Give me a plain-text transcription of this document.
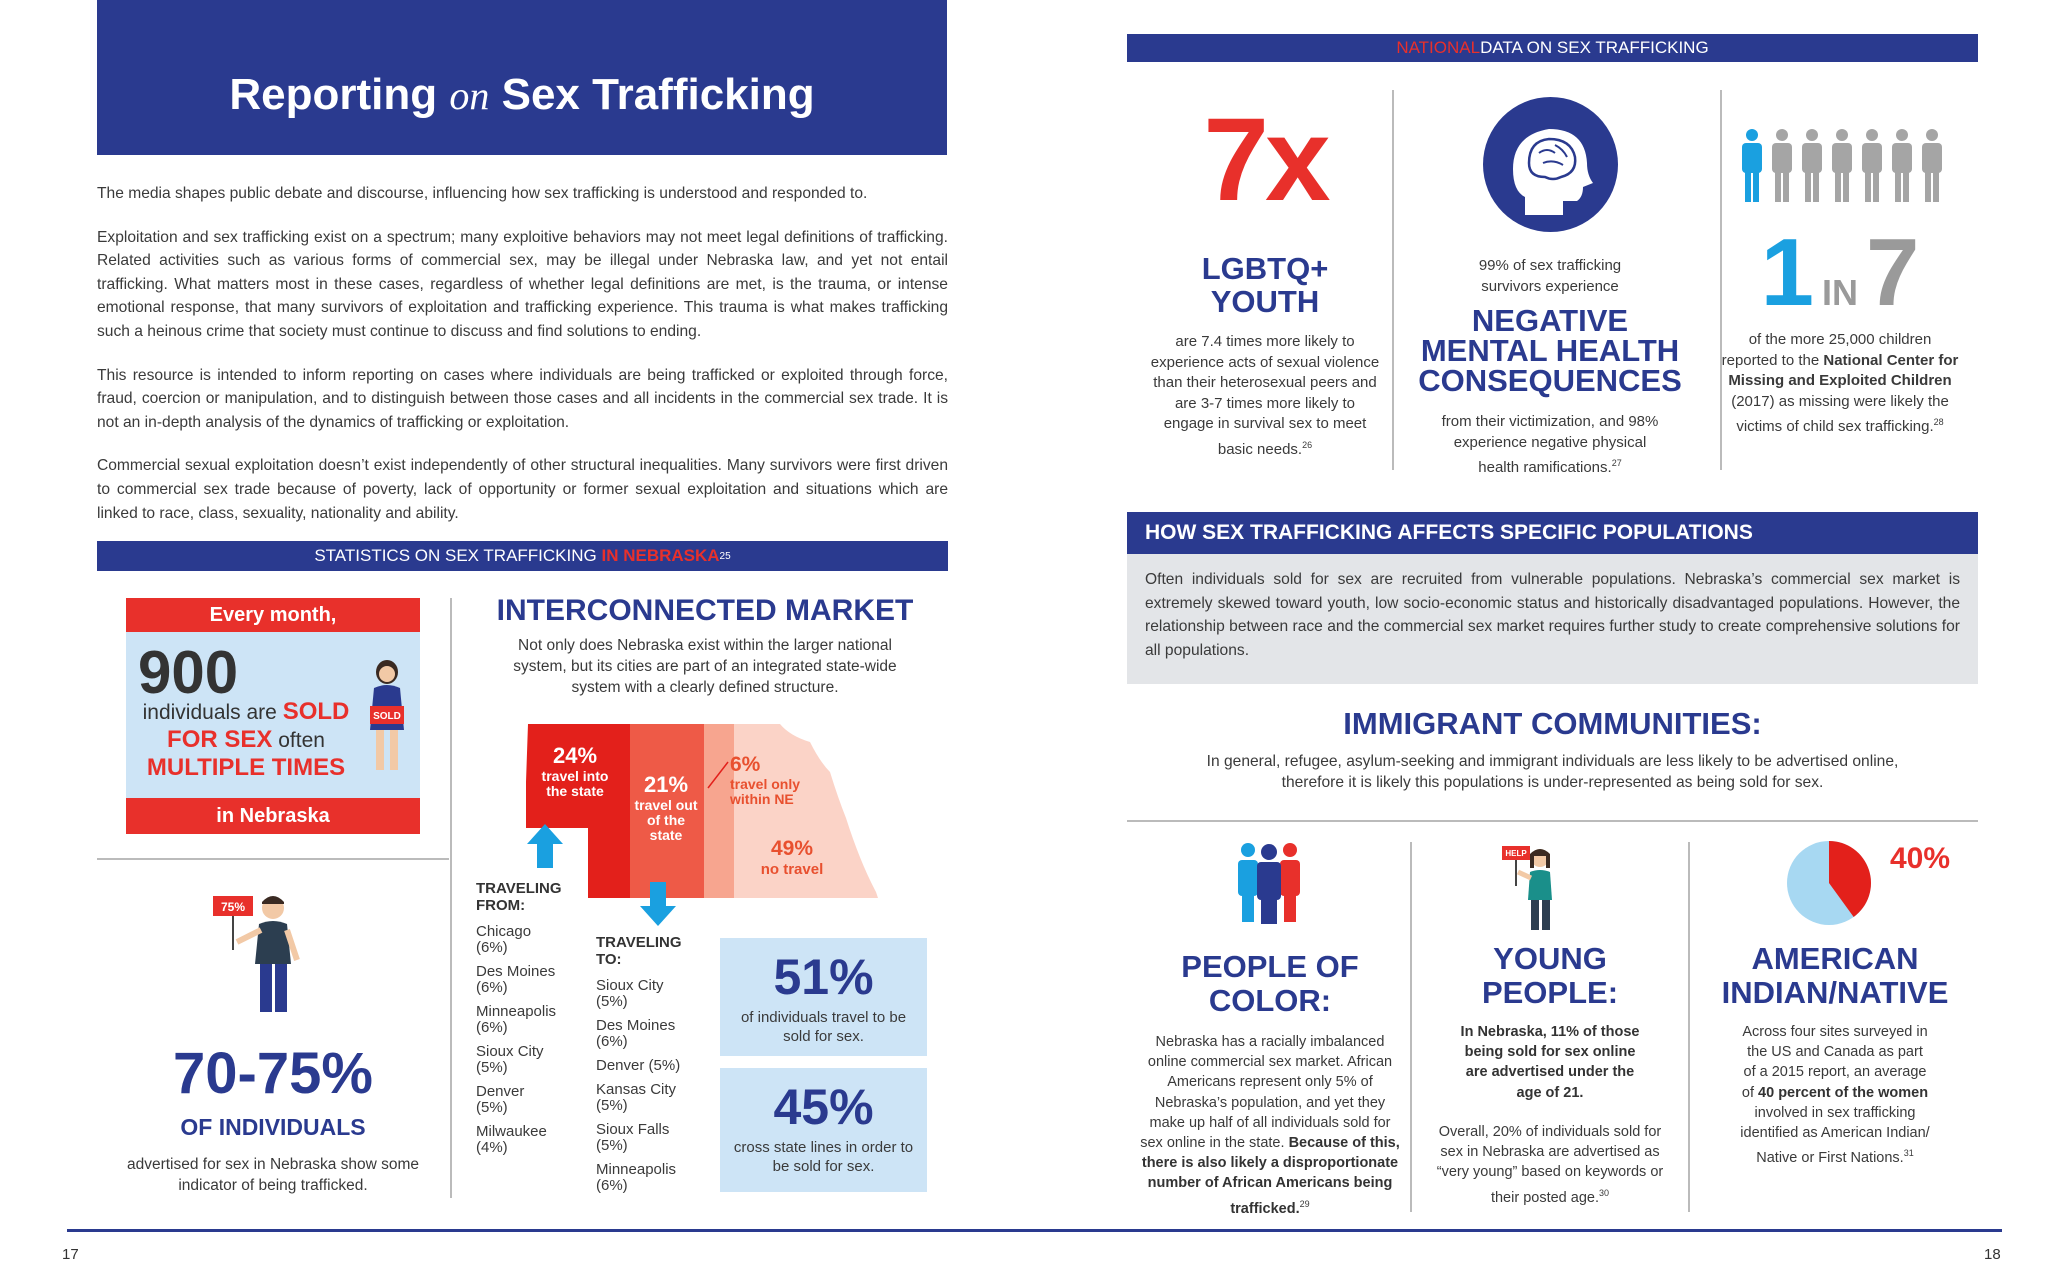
Reporting on Sex Trafficking

The media shapes public debate and discourse, influencing how sex trafficking is understood and responded to.

Exploitation and sex trafficking exist on a spectrum; many exploitive behaviors may not meet legal definitions of trafficking. Related activities such as various forms of commercial sex, may be illegal under Nebraska law, and yet not entail trafficking. What matters most in these cases, regardless of whether legal definitions are met, is the trauma, or intense emotional response, that many survivors of exploitation and trafficking experience. This trauma is what makes trafficking such a heinous crime that society must continue to discuss and find solutions to ending.

This resource is intended to inform reporting on cases where individuals are being trafficked or exploited through force, fraud, coercion or manipulation, and to distinguish between those cases and all incidents in the commercial sex trade. It is not an in-depth analysis of the dynamics of trafficking or exploitation.

Commercial sexual exploitation doesn’t exist independently of other structural inequalities. Many survivors were first driven to commercial sex trade because of poverty, lack of opportunity or former sexual exploitation and situations which are linked to race, class, sexuality, nationality and ability.

STATISTICS ON SEX TRAFFICKING
IN NEBRASKA 25
Every month,
900
individuals are SOLD
FOR SEX often
MULTIPLE TIMES
SOLD
in Nebraska
75%
70-75%
OF INDIVIDUALS
advertised for sex in Nebraska show some indicator of being trafficked.
INTERCONNECTED MARKET
Not only does Nebraska exist within the larger national system, but its cities are part of an integrated state-wide system with a clearly defined structure.
24%
travel into the state	21%
travel out of the state
6%
travel only within NE
49%
no travel
TRAVELING FROM:
Chicago
(6%)
Des Moines
(6%)
Minneapolis
(6%)
Sioux City
(5%)
Denver
(5%)
Milwaukee
(4%)
TRAVELING TO:
Sioux City
(5%)
Des Moines
(6%)
Denver (5%)
Kansas City
(5%)
Sioux Falls
(5%)
Minneapolis
(6%)
51%
of individuals travel to be sold for sex.
45%
cross state lines in order to be sold for sex.
17
NATIONAL DATA ON SEX TRAFFICKING
7x
LGBTQ+
YOUTH
are 7.4 times more likely to experience acts of sexual violence than their heterosexual peers and are 3-7 times more likely to engage in survival sex to meet basic needs.$^{26}$
99% of sex trafficking survivors experience
NEGATIVE
MENTAL HEALTH
CONSEQUENCES
from their victimization, and 98% experience negative physical health ramifications.$^{27}$
1 IN7
of the more 25,000 children reported to the National Center for Missing and Exploited Children (2017) as missing were likely the victims of child sex trafficking.$^{28}$
HOW SEX TRAFFICKING AFFECTS SPECIFIC POPULATIONS
Often individuals sold for sex are recruited from vulnerable populations. Nebraska’s commercial sex market is extremely skewed toward youth, low socio-economic status and historically disadvantaged populations. However, the relationship between race and the commercial sex market requires further study to create comprehensive solutions for all populations.
IMMIGRANT COMMUNITIES:
In general, refugee, asylum-seeking and immigrant individuals are less likely to be advertised online, therefore it is likely this populations is under-represented as being sold for sex.
PEOPLE OF
COLOR:
Nebraska has a racially imbalanced online commercial sex market. African Americans represent only 5% of Nebraska’s population, and yet they make up half of all individuals sold for sex online in the state. Because of this, there is also likely a disproportionate number of African Americans being trafficked.$^{29}$
HELP
YOUNG
PEOPLE:
In Nebraska, 11% of those being sold for sex online are advertised under the age of 21.
Overall, 20% of individuals sold for sex in Nebraska are advertised as “very young” based on keywords or their posted age.$^{30}$
40%
AMERICAN
INDIAN/NATIVE
Across four sites surveyed in the US and Canada as part of a 2015 report, an average of 40 percent of the women involved in sex trafficking identified as American Indian/ Native or First Nations.$^{31}$
18
